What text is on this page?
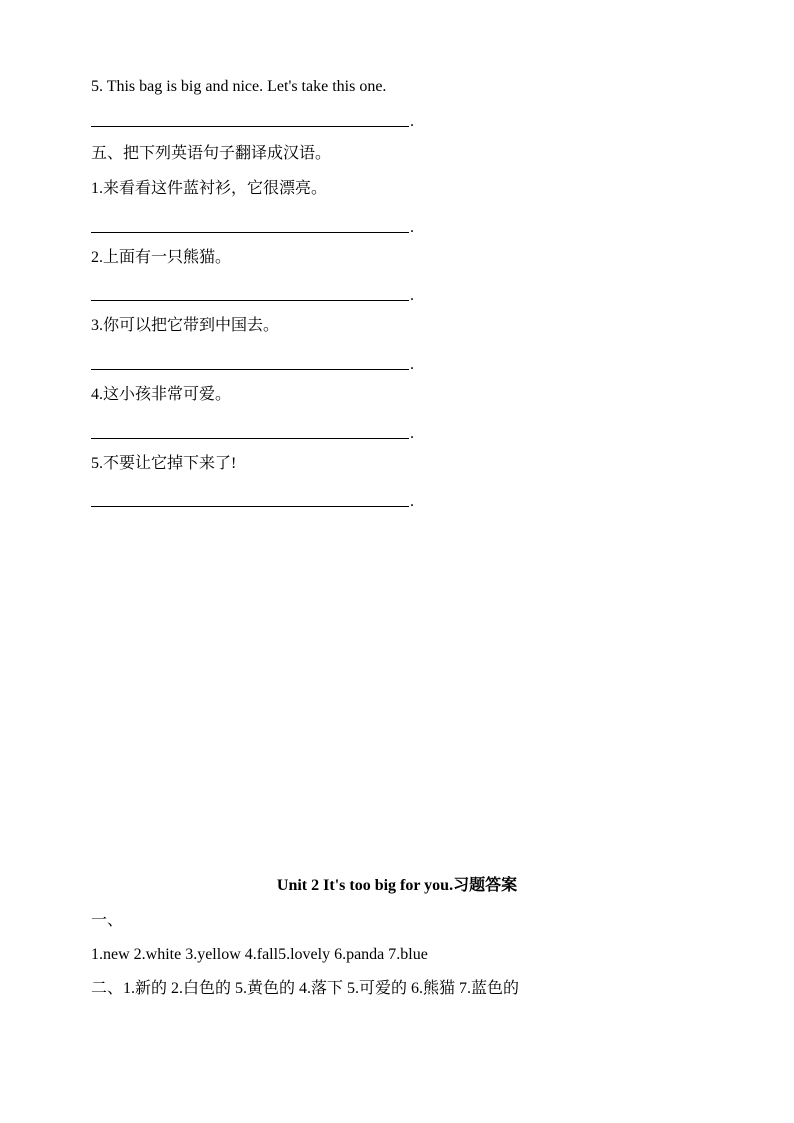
5. This bag is big and nice. Let's take this one.
.
五、把下列英语句子翻译成汉语。
1.来看看这件蓝衬衫，它很漂亮。
.
2.上面有一只熊猫。
.
3.你可以把它带到中国去。
.
4.这小孩非常可爱。
.
5.不要让它掉下来了!
.
Unit 2 It's too big for you.习题答案
一、
1.new 2.white 3.yellow 4.fall5.lovely 6.panda 7.blue
二、1.新的 2.白色的 5.黄色的 4.落下 5.可爱的 6.熊猫 7.蓝色的
